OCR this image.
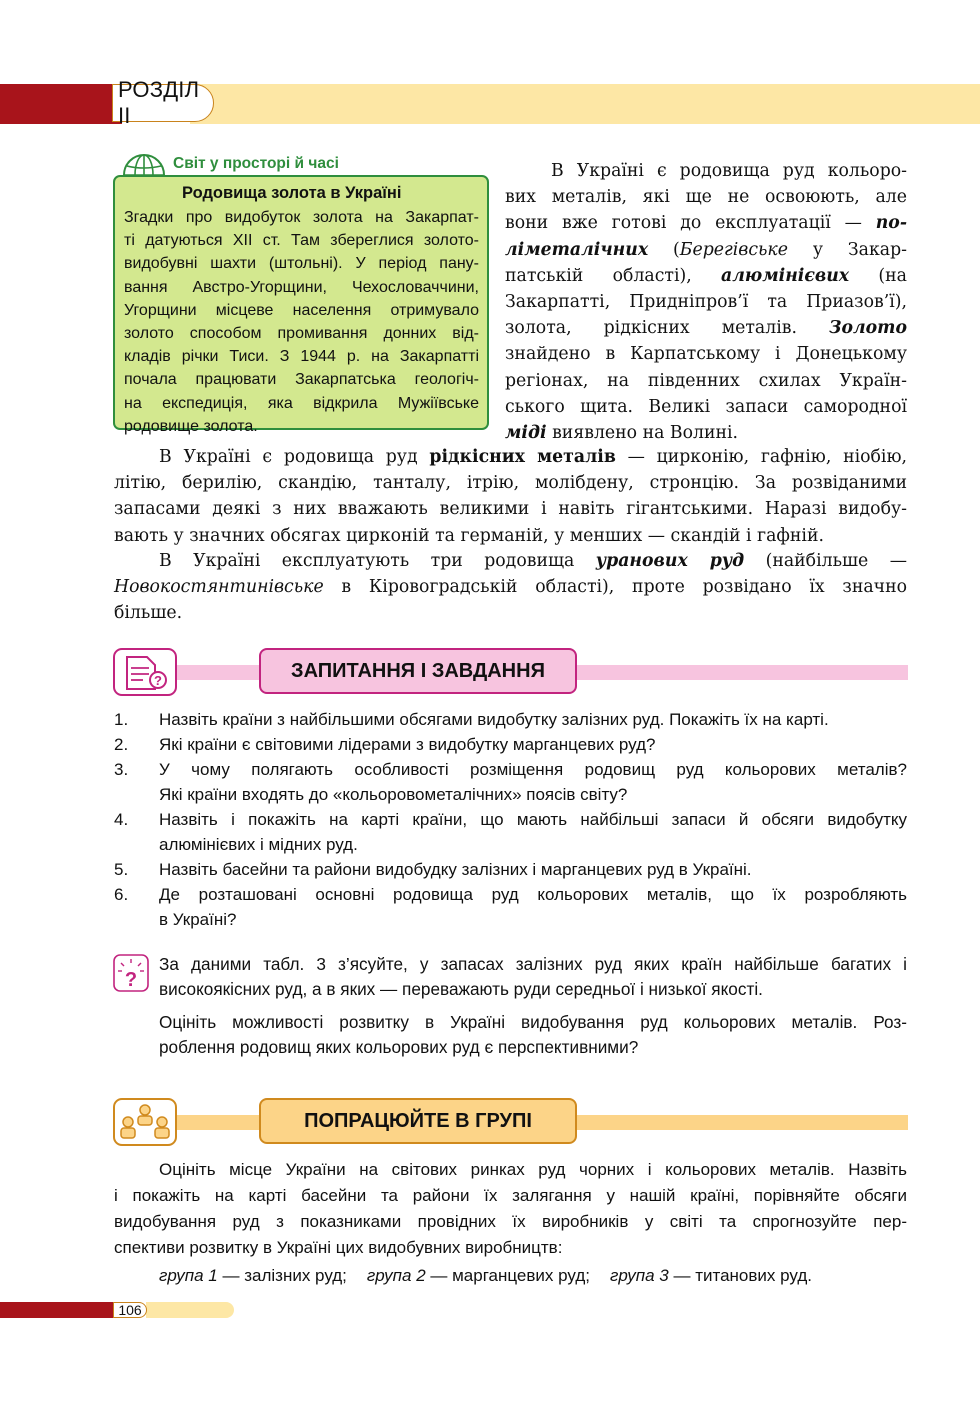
РОЗДІЛ ІІ
Світ у просторі й часі
Родовища золота в Україні
Згадки про видобуток золота на Закарпат-
ті датуються ХІІ ст. Там збереглися золото-
видобувні шахти (штольні). У період пану-
вання Австро-Угорщини, Чехословаччини,
Угорщини місцеве населення отримувало
золото способом промивання донних від-
кладів річки Тиси. З 1944 р. на Закарпатті
почала працювати Закарпатська геологіч-
на експедиція, яка відкрила Мужіївське
родовище золота.
В Україні є родовища руд кольоро-
вих металів, які ще не освоюють, але
вони вже готові до експлуатації — по-
ліметалічних (Берегівське у Закар-
патській області), алюмінієвих (на
Закарпатті, Придніпров’ї та Приазов’ї),
золота, рідкісних металів. Золото
знайдено в Карпатському і Донецькому
регіонах, на південних схилах Україн-
ського щита. Великі запаси самородної
міді виявлено на Волині.
В Україні є родовища руд рідкісних металів — цирконію, гафнію, ніобію,
літію, берилію, скандію, танталу, ітрію, молібдену, стронцію. За розвіданими
запасами деякі з них вважають великими і навіть гігантськими. Наразі видобу-
вають у значних обсягах цирконій та германій, у менших — скандій і гафній.
В Україні експлуатують три родовища уранових руд (найбільше —
Новокостянтинівське в Кіровоградській області), проте розвідано їх значно
більше.
?	ЗАПИТАННЯ І ЗАВДАННЯ
1. Назвіть країни з найбільшими обсягами видобутку залізних руд. Покажіть їх на карті.
2. Які країни є світовими лідерами з видобутку марганцевих руд?
3. У чому полягають особливості розміщення родовищ руд кольорових металів?
Які країни входять до «кольоровометалічних» поясів світу?
4. Назвіть і покажіть на карті країни, що мають найбільші запаси й обсяги видобутку
алюмінієвих і мідних руд.
5. Назвіть басейни та райони видобудку залізних і марганцевих руд в Україні.
6. Де розташовані основні родовища руд кольорових металів, що їх розробляють
в Україні?
?
За даними табл. 3 з’ясуйте, у запасах залізних руд яких країн найбільше багатих і
високоякісних руд, а в яких — переважають руди середньої і низької якості.
Оцініть можливості розвитку в Україні видобування руд кольорових металів. Роз-
роблення родовищ яких кольорових руд є перспективними?
ПОПРАЦЮЙТЕ В ГРУПІ
Оцініть місце України на світових ринках руд чорних і кольорових металів. Назвіть
і покажіть на карті басейни та райони їх залягання у нашій країні, порівняйте обсяги
видобування руд з показниками провідних їх виробників у світі та спрогнозуйте пер-
спективи розвитку в Україні цих видобувних виробництв:
група 1 — залізних руд; група 2 — марганцевих руд; група 3 — титанових руд.
106
